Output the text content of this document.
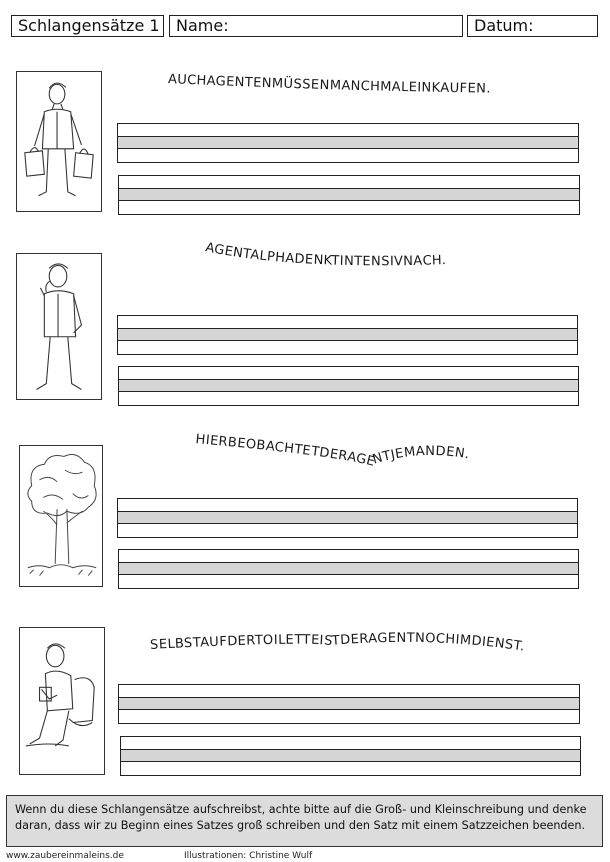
Schlangensätze 1	Name:	Datum:
AUCHAGENTENMÜSSENMANCHMALEINKAUFEN.
AGENTALPHADENKTINTENSIVNACH.
HIERBEOBACHTETDERAGENTJEMANDEN.
SELBSTAUFDERTOILETTEISTDERAGENTNOCHIMDIENST.
Wenn du diese Schlangensätze aufschreibst, achte bitte auf die Groß- und Kleinschreibung und denke daran, dass wir zu Beginn eines Satzes groß schreiben und den Satz mit einem Satzzeichen beenden.
www.zaubereinmaleins.de	Illustrationen: Christine Wulf
